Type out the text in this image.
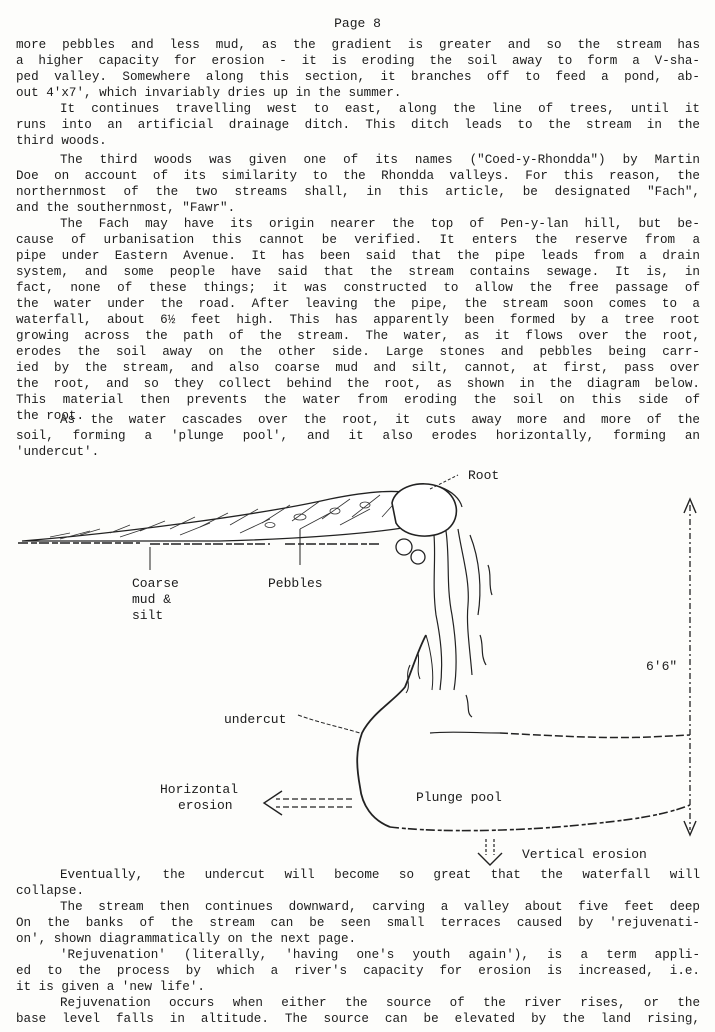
Page 8
more pebbles and less mud, as the gradient is greater and so the stream has
a higher capacity for erosion - it is eroding the soil away to form a V-sha-
ped valley. Somewhere along this section, it branches off to feed a pond, ab-
out 4'x7', which invariably dries up in the summer.
It continues travelling west to east, along the line of trees, until it
runs into an artificial drainage ditch. This ditch leads to the stream in the
third woods.
The third woods was given one of its names ("Coed-y-Rhondda") by Martin
Doe on account of its similarity to the Rhondda valleys. For this reason, the
northernmost of the two streams shall, in this article, be designated "Fach",
and the southernmost, "Fawr".
The Fach may have its origin nearer the top of Pen-y-lan hill, but be-
cause of urbanisation this cannot be verified. It enters the reserve from a
pipe under Eastern Avenue. It has been said that the pipe leads from a drain
system, and some people have said that the stream contains sewage. It is, in
fact, none of these things; it was constructed to allow the free passage of
the water under the road. After leaving the pipe, the stream soon comes to a
waterfall, about 6½ feet high. This has apparently been formed by a tree root
growing across the path of the stream. The water, as it flows over the root,
erodes the soil away on the other side. Large stones and pebbles being carr-
ied by the stream, and also coarse mud and silt, cannot, at first, pass over
the root, and so they collect behind the root, as shown in the diagram below.
This material then prevents the water from eroding the soil on this side of
the root.
As the water cascades over the root, it cuts away more and more of the
soil, forming a 'plunge pool', and it also erodes horizontally, forming an
'undercut'.
Root
Coarse
mud &
silt
Pebbles
6'6"
undercut
Horizontal
erosion
Plunge pool
Vertical erosion
Eventually, the undercut will become so great that the waterfall will
collapse.
The stream then continues downward, carving a valley about five feet deep
On the banks of the stream can be seen small terraces caused by 'rejuvenati-
on', shown diagrammatically on the next page.
'Rejuvenation' (literally, 'having one's youth again'), is a term appli-
ed to the process by which a river's capacity for erosion is increased, i.e.
it is given a 'new life'.
Rejuvenation occurs when either the source of the river rises, or the
base level falls in altitude. The source can be elevated by the land rising,
